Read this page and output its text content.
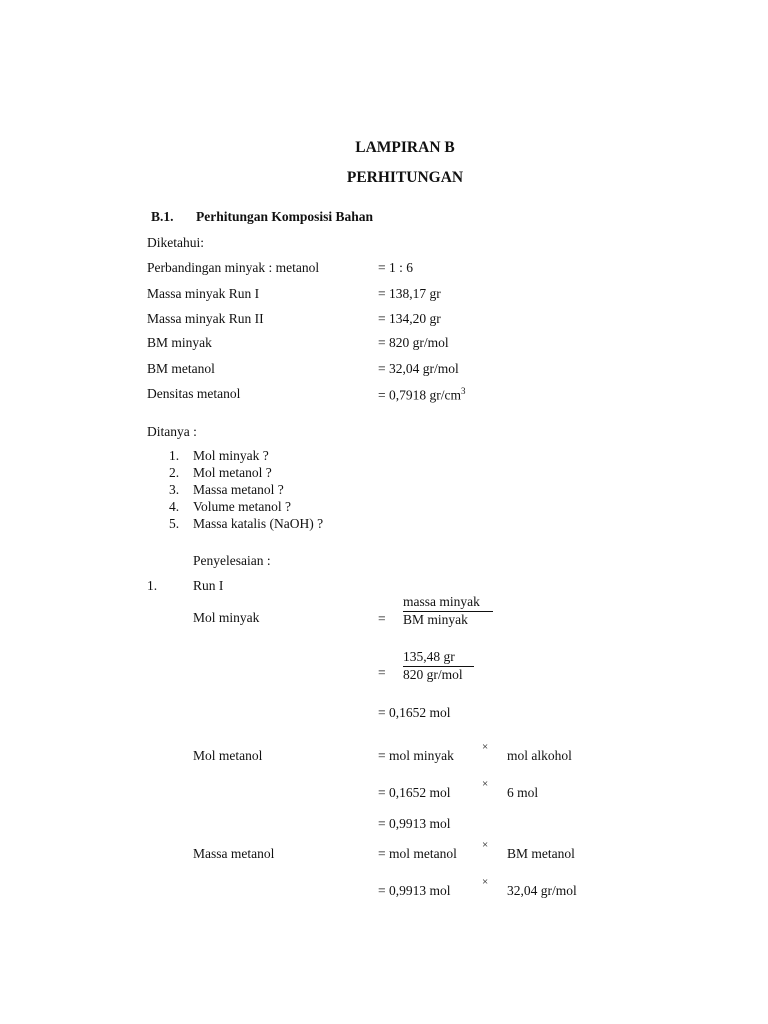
LAMPIRAN B
PERHITUNGAN
B.1. Perhitungan Komposisi Bahan
Diketahui:
Perbandingan minyak : metanol	= 1 : 6
Massa minyak Run I	= 138,17 gr
Massa minyak Run II	= 134,20 gr
BM minyak	= 820 gr/mol
BM metanol	= 32,04 gr/mol
Densitas metanol	= 0,7918 $gr/cm^3$
Ditanya :
1. Mol minyak ?
2. Mol metanol ?
3. Massa metanol ?
4. Volume metanol ?
5. Massa katalis (NaOH) ?
Penyelesaian :
1.	Run I
Mol minyak	=
massa minyak
BM minyak
=
135,48 gr
820 gr/mol
= 0,1652 mol
Mol metanol	= mol minyak
×
mol alkohol
= 0,1652 mol
×
6 mol
= 0,9913 mol
Massa metanol	= mol metanol
×
BM metanol
= 0,9913 mol
×
32,04 gr/mol
